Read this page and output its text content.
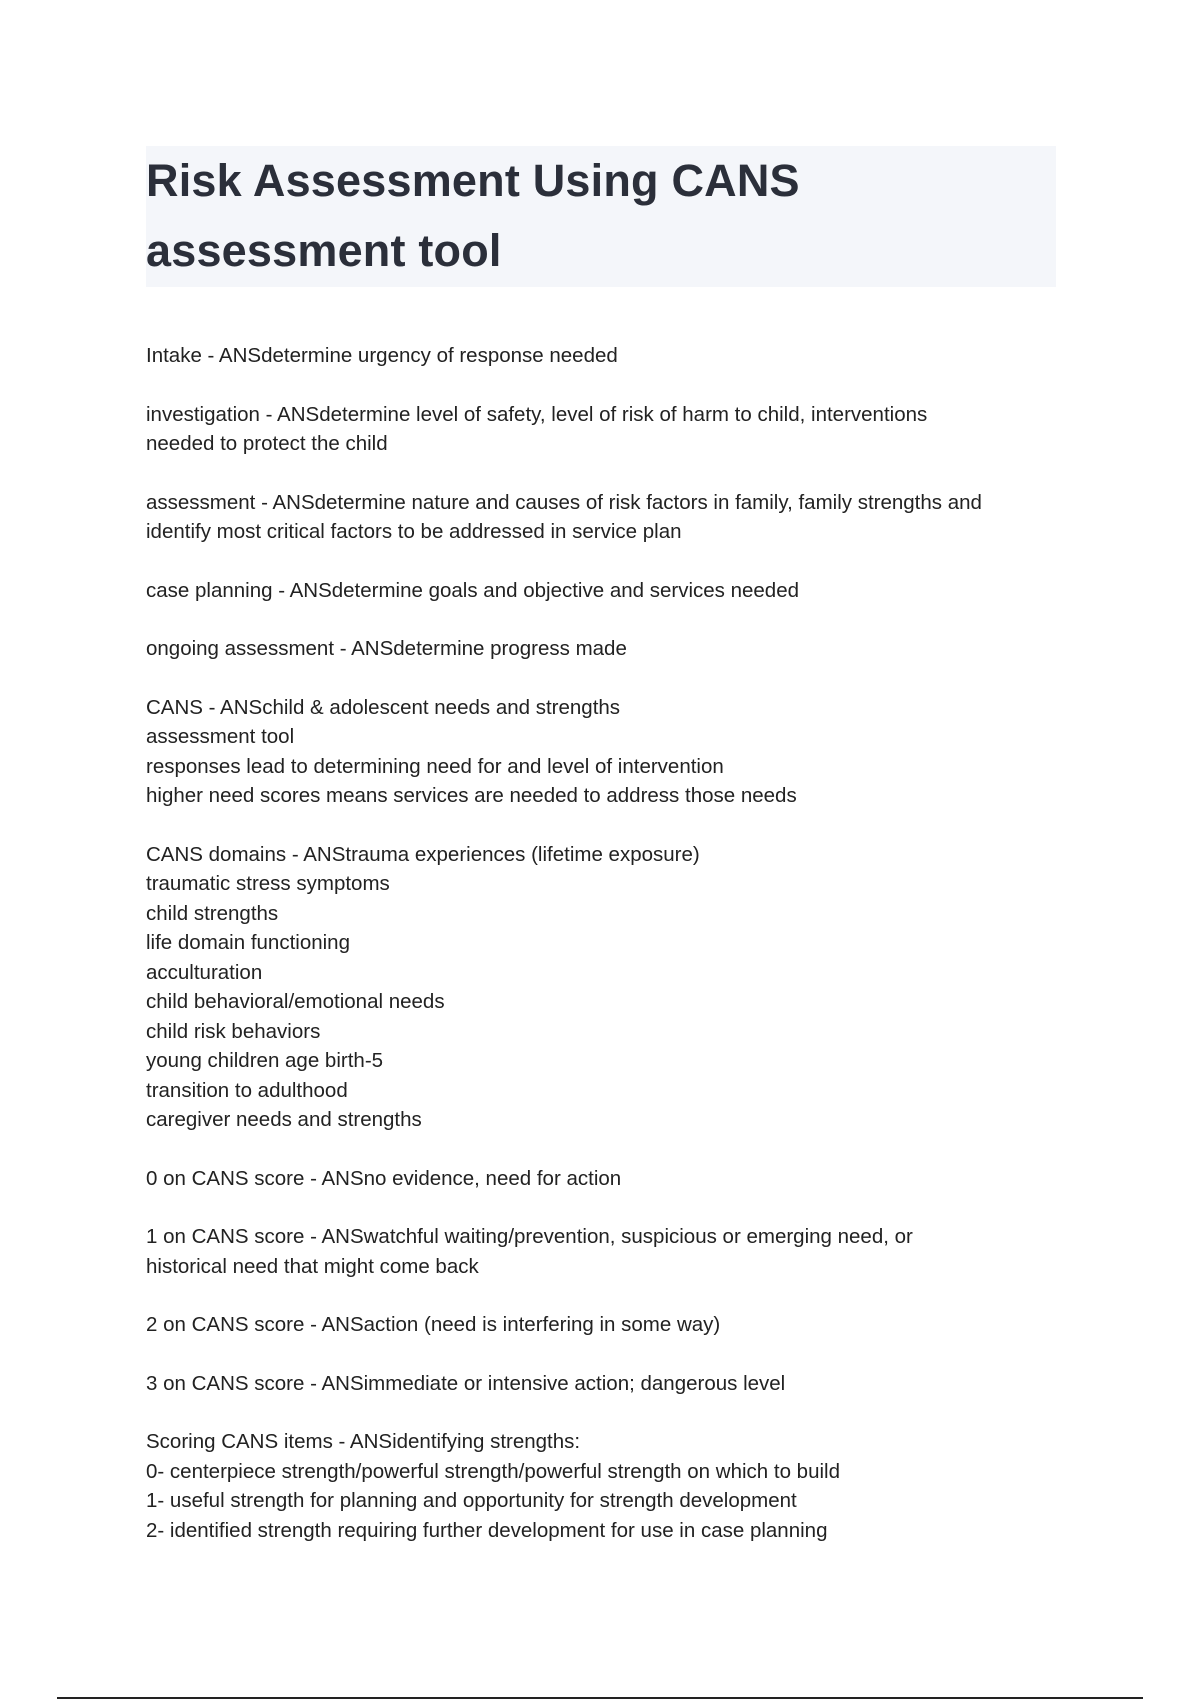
Risk Assessment Using CANS
assessment tool
Intake - ANSdetermine urgency of response needed
investigation - ANSdetermine level of safety, level of risk of harm to child, interventions
needed to protect the child
assessment - ANSdetermine nature and causes of risk factors in family, family strengths and
identify most critical factors to be addressed in service plan
case planning - ANSdetermine goals and objective and services needed
ongoing assessment - ANSdetermine progress made
CANS - ANSchild & adolescent needs and strengths
assessment tool
responses lead to determining need for and level of intervention
higher need scores means services are needed to address those needs
CANS domains - ANStrauma experiences (lifetime exposure)
traumatic stress symptoms
child strengths
life domain functioning
acculturation
child behavioral/emotional needs
child risk behaviors
young children age birth-5
transition to adulthood
caregiver needs and strengths
0 on CANS score - ANSno evidence, need for action
1 on CANS score - ANSwatchful waiting/prevention, suspicious or emerging need, or
historical need that might come back
2 on CANS score - ANSaction (need is interfering in some way)
3 on CANS score - ANSimmediate or intensive action; dangerous level
Scoring CANS items - ANSidentifying strengths:
0- centerpiece strength/powerful strength/powerful strength on which to build
1- useful strength for planning and opportunity for strength development
2- identified strength requiring further development for use in case planning
